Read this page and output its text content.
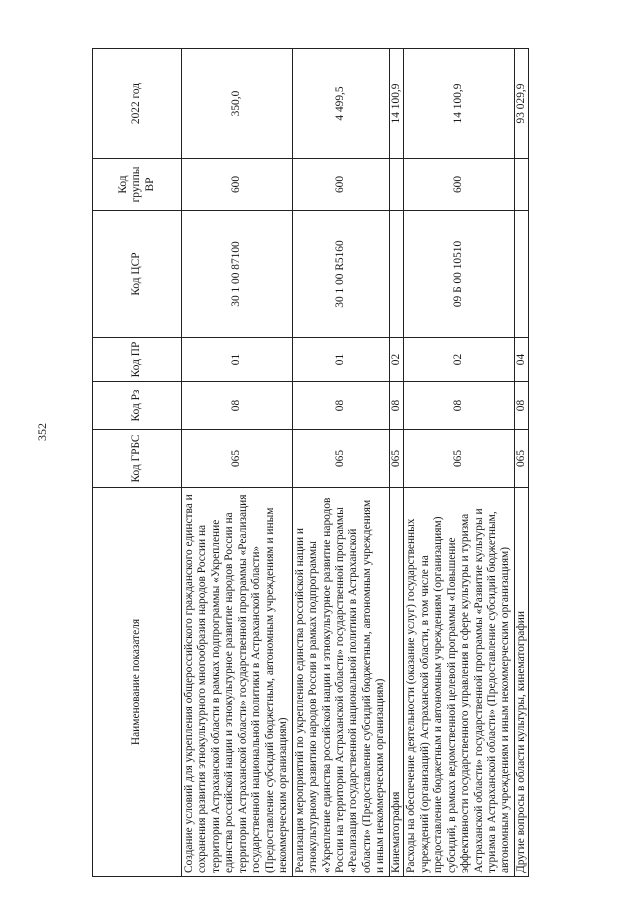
352
Наименование показателя	Код ГРБС	Код Рз	Код ПР	Код ЦСР	Код группы ВР	2022 год
Создание условий для укрепления общероссийского гражданского единства и сохранения развития этнокультурного многообразия народов России на территории Астраханской области в рамках подпрограммы «Укрепление единства российской нации и этнокультурное развитие народов России на территории Астраханской области» государственной программы «Реализация государственной национальной политики в Астраханской области» (Предоставление субсидий бюджетным, автономным учреждениям и иным некоммерческим организациям)	065	08	01	30 1 00 87100	600	350,0
Реализация мероприятий по укреплению единства российской нации и этнокультурному развитию народов России в рамках подпрограммы «Укрепление единства российской нации и этнокультурное развитие народов России на территории Астраханской области» государственной программы «Реализация государственной национальной политики в Астраханской области» (Предоставление субсидий бюджетным, автономным учреждениям и иным некоммерческим организациям)	065	08	01	30 1 00 R5160	600	4 499,5
Кинематография	065	08	02			14 100,9
Расходы на обеспечение деятельности (оказание услуг) государственных учреждений (организаций) Астраханской области, в том числе на предоставление бюджетным и автономным учреждениям (организациям) субсидий, в рамках ведомственной целевой программы «Повышение эффективности государственного управления в сфере культуры и туризма Астраханской области» государственной программы «Развитие культуры и туризма в Астраханской области» (Предоставление субсидий бюджетным, автономным учреждениям и иным некоммерческим организациям)	065	08	02	09 Б 00 10510	600	14 100,9
Другие вопросы в области культуры, кинематографии	065	08	04			93 029,9
